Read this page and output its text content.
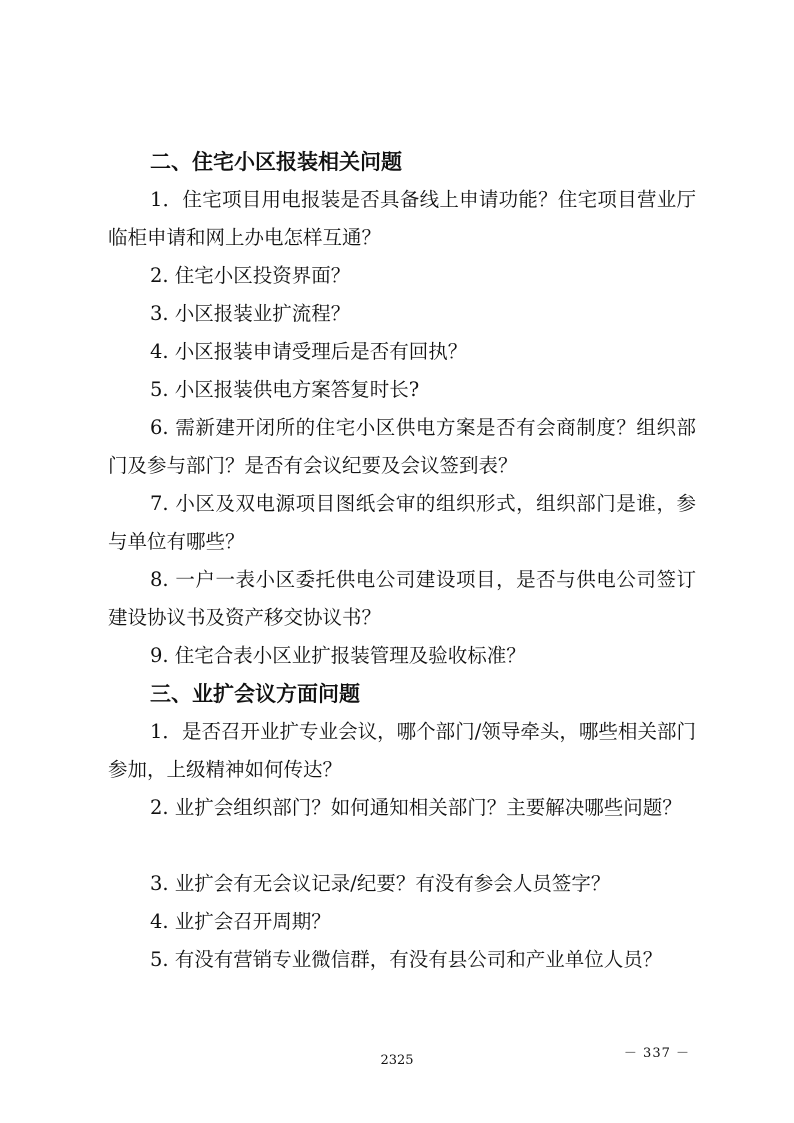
二、住宅小区报装相关问题
1．住宅项目用电报装是否具备线上申请功能？住宅项目营业厅临柜申请和网上办电怎样互通？
2. 住宅小区投资界面？
3. 小区报装业扩流程？
4. 小区报装申请受理后是否有回执？
5. 小区报装供电方案答复时长?
6. 需新建开闭所的住宅小区供电方案是否有会商制度？组织部门及参与部门？是否有会议纪要及会议签到表？
7. 小区及双电源项目图纸会审的组织形式，组织部门是谁，参与单位有哪些？
8. 一户一表小区委托供电公司建设项目，是否与供电公司签订建设协议书及资产移交协议书？
9. 住宅合表小区业扩报装管理及验收标准？
三、业扩会议方面问题
1．是否召开业扩专业会议，哪个部门/领导牵头，哪些相关部门参加，上级精神如何传达？
2. 业扩会组织部门？如何通知相关部门？主要解决哪些问题？
3. 业扩会有无会议记录/纪要？有没有参会人员签字？
4. 业扩会召开周期？
5. 有没有营销专业微信群，有没有县公司和产业单位人员？
－ 337 －
2325
